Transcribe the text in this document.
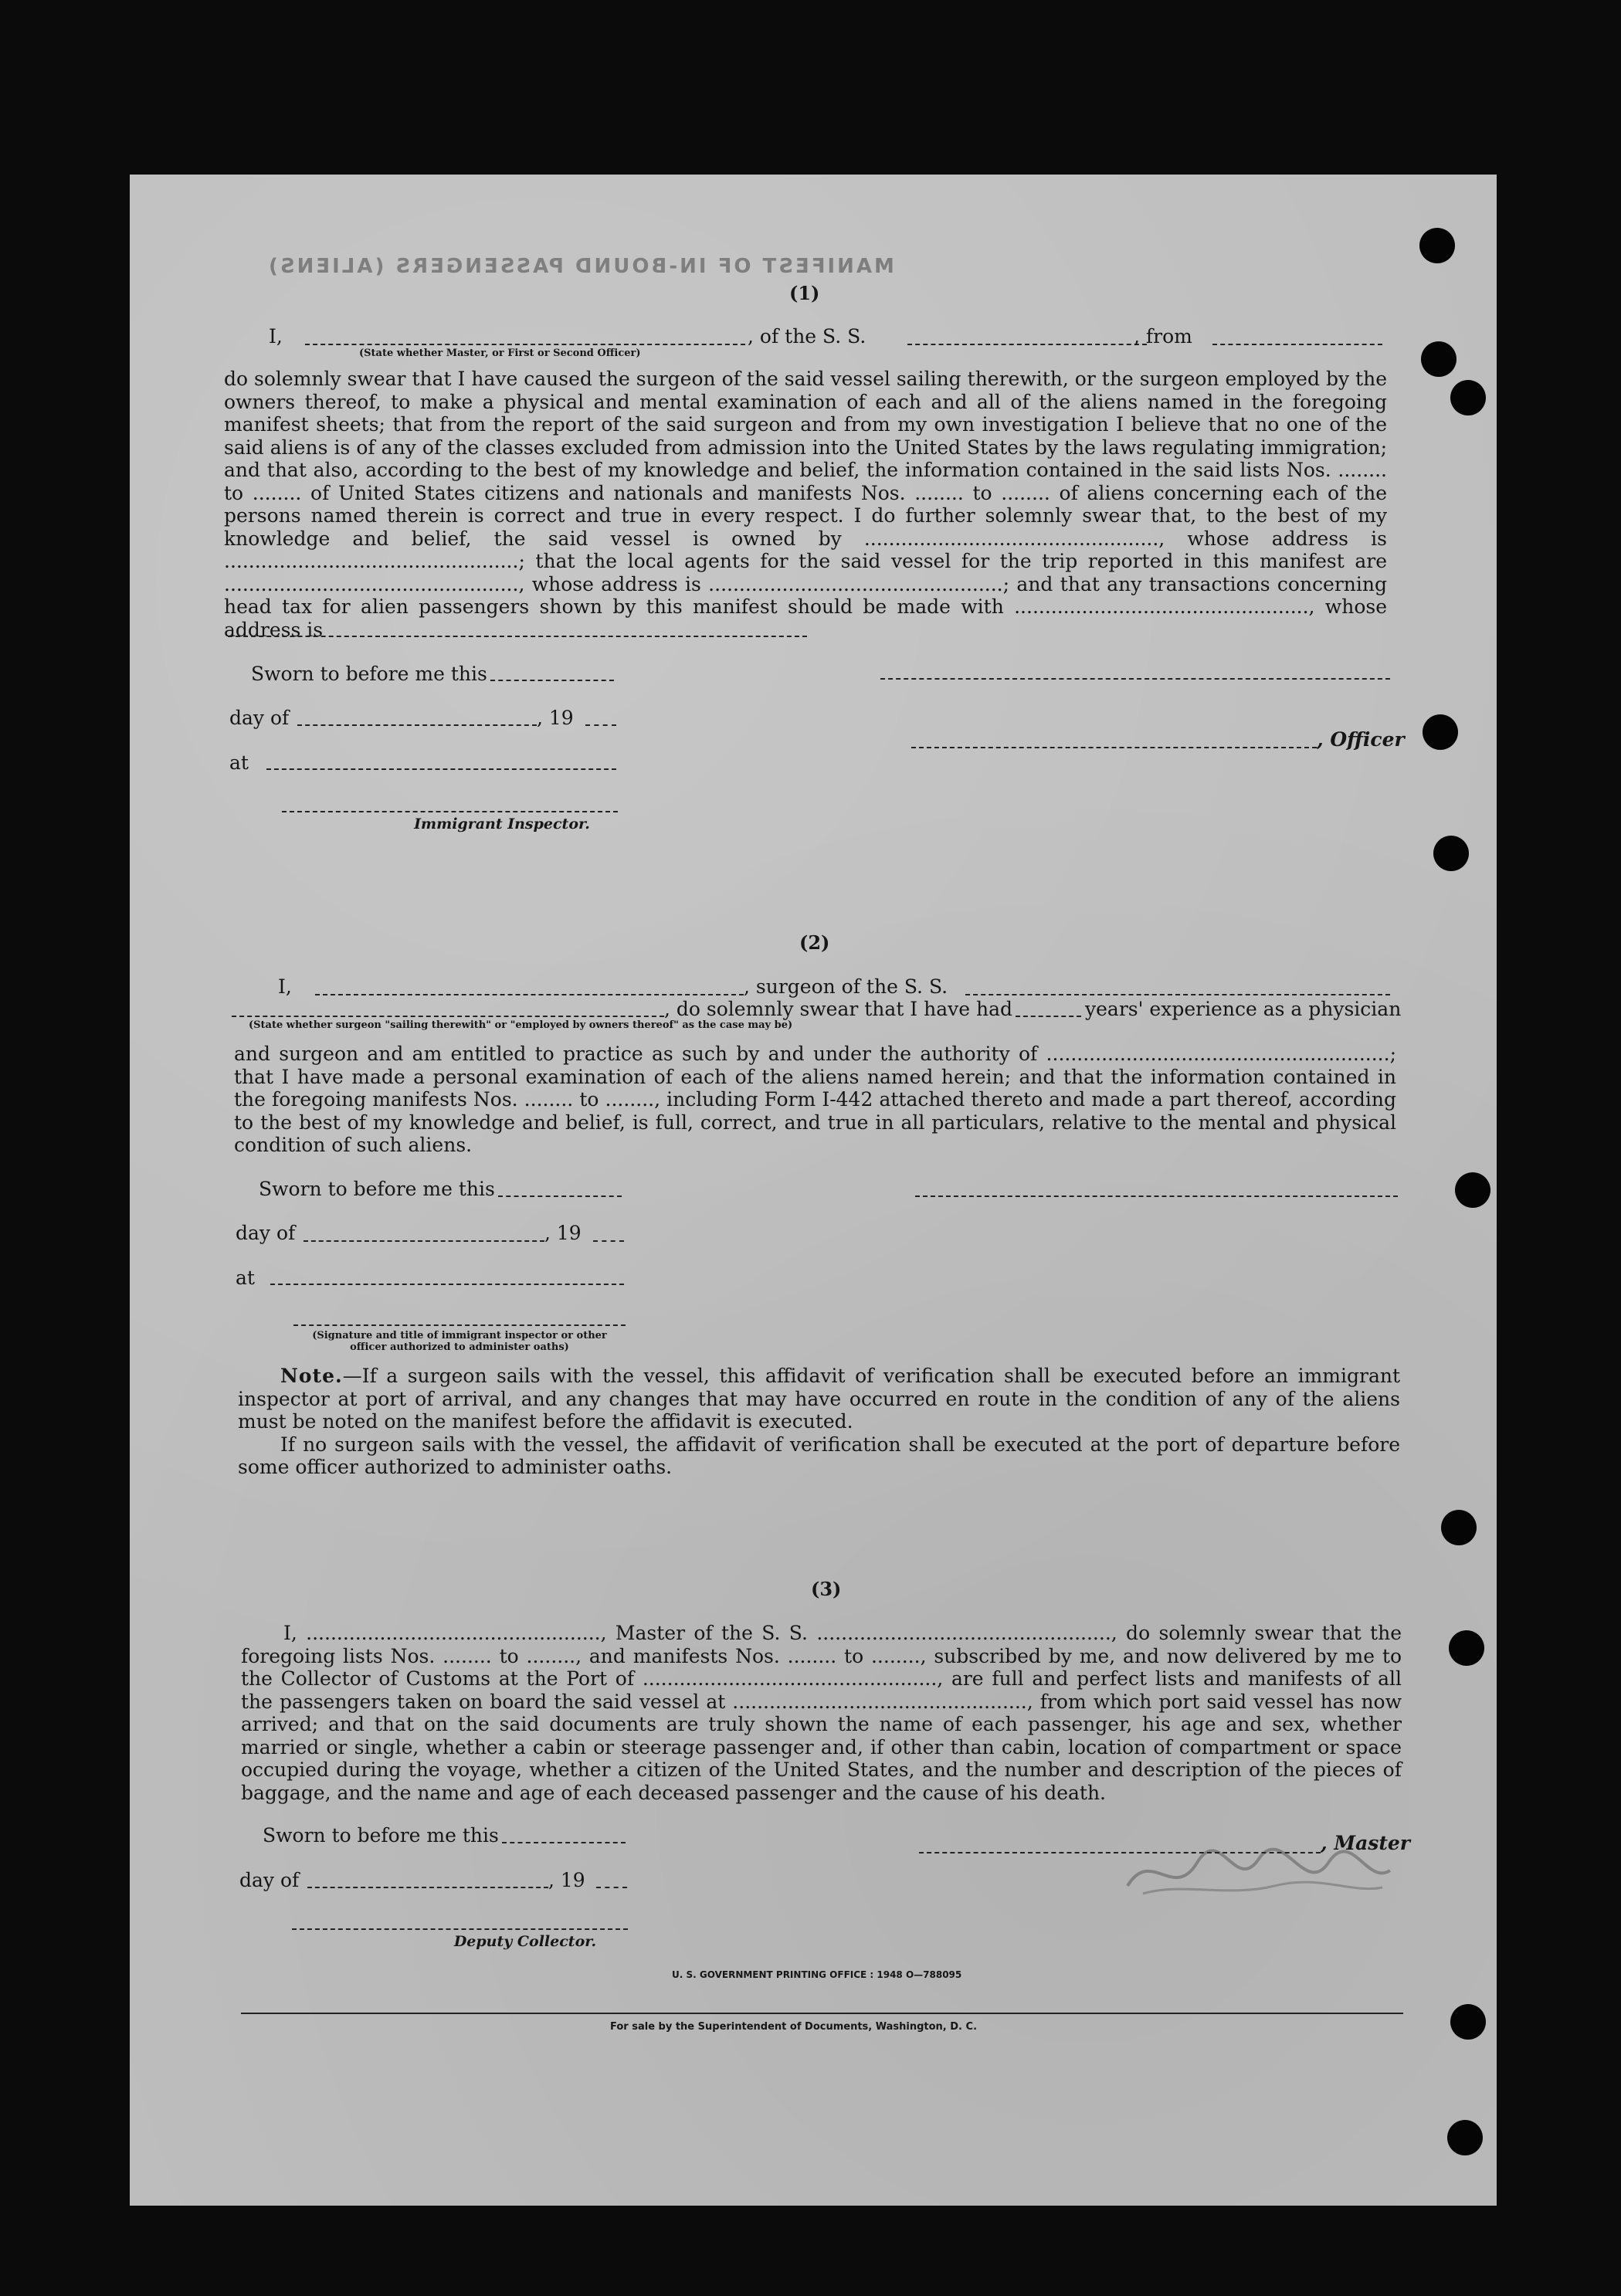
MANIFEST OF IN-BOUND PASSENGERS (ALIENS)

(1)
I,	, of the S. S.	, from
(State whether Master, or First or Second Officer)

do solemnly swear that I have caused the surgeon of the said vessel sailing therewith, or the surgeon employed by the owners thereof, to make a physical and mental examination of each and all of the aliens named in the foregoing manifest sheets; that from the report of the said surgeon and from my own investigation I believe that no one of the said aliens is of any of the classes excluded from admission into the United States by the laws regulating immigration; and that also, according to the best of my knowledge and belief, the information contained in the said lists Nos. ........ to ........ of United States citizens and nationals and manifests Nos. ........ to ........ of aliens concerning each of the persons named therein is correct and true in every respect. I do further solemnly swear that, to the best of my knowledge and belief, the said vessel is owned by ................................................, whose address is ................................................; that the local agents for the said vessel for the trip reported in this manifest are ................................................, whose address is ................................................; and that any transactions concerning head tax for alien passengers shown by this manifest should be made with ................................................, whose address is

Sworn to before me this
day of	, 19
at
, Officer
Immigrant Inspector.
(2)
I,	, surgeon of the S. S.
, do solemnly swear that I have had	years' experience as a physician
(State whether surgeon "sailing therewith" or "employed by owners thereof" as the case may be)

and surgeon and am entitled to practice as such by and under the authority of ........................................................; that I have made a personal examination of each of the aliens named herein; and that the information contained in the foregoing manifests Nos. ........ to ........, including Form I-442 attached thereto and made a part thereof, according to the best of my knowledge and belief, is full, correct, and true in all particulars, relative to the mental and physical condition of such aliens.

Sworn to before me this
day of	, 19
at
(Signature and title of immigrant inspector or other officer authorized to administer oaths)

Note.—If a surgeon sails with the vessel, this affidavit of verification shall be executed before an immigrant inspector at port of arrival, and any changes that may have occurred en route in the condition of any of the aliens must be noted on the manifest before the affidavit is executed.

If no surgeon sails with the vessel, the affidavit of verification shall be executed at the port of departure before some officer authorized to administer oaths.

(3)

I, ................................................, Master of the S. S. ................................................, do solemnly swear that the foregoing lists Nos. ........ to ........, and manifests Nos. ........ to ........, subscribed by me, and now delivered by me to the Collector of Customs at the Port of ................................................, are full and perfect lists and manifests of all the passengers taken on board the said vessel at ................................................, from which port said vessel has now arrived; and that on the said documents are truly shown the name of each passenger, his age and sex, whether married or single, whether a cabin or steerage passenger and, if other than cabin, location of compartment or space occupied during the voyage, whether a citizen of the United States, and the number and description of the pieces of baggage, and the name and age of each deceased passenger and the cause of his death.

Sworn to before me this	, Master
day of	, 19
Deputy Collector.
U. S. GOVERNMENT PRINTING OFFICE : 1948 O—788095
For sale by the Superintendent of Documents, Washington, D. C.
